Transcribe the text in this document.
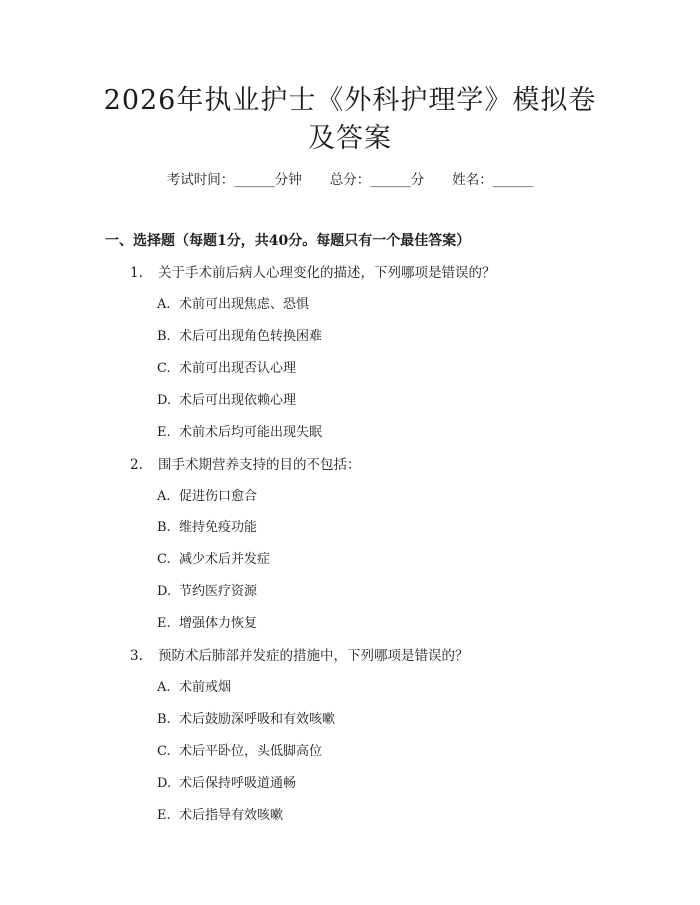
2026年执业护士《外科护理学》模拟卷及答案
考试时间：______分钟 总分：______分 姓名：______
一、选择题（每题1分，共40分。每题只有一个最佳答案）
1. 关于手术前后病人心理变化的描述，下列哪项是错误的？
A. 术前可出现焦虑、恐惧
B. 术后可出现角色转换困难
C. 术前可出现否认心理
D. 术后可出现依赖心理
E. 术前术后均可能出现失眠
2. 围手术期营养支持的目的不包括：
A. 促进伤口愈合
B. 维持免疫功能
C. 减少术后并发症
D. 节约医疗资源
E. 增强体力恢复
3. 预防术后肺部并发症的措施中，下列哪项是错误的？
A. 术前戒烟
B. 术后鼓励深呼吸和有效咳嗽
C. 术后平卧位，头低脚高位
D. 术后保持呼吸道通畅
E. 术后指导有效咳嗽
